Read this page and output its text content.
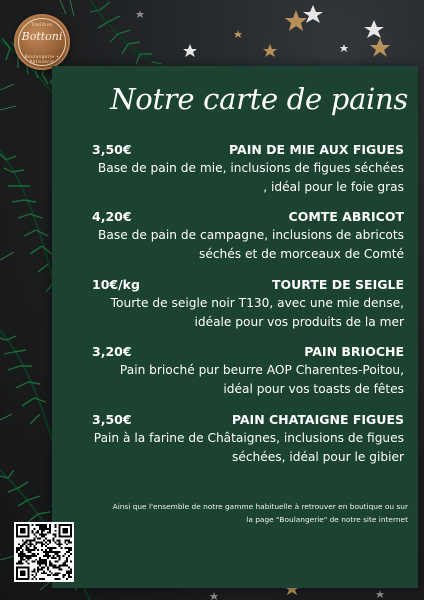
Tradition
Bottoni
Boulangerie • Pâtisserie
Notre carte de pains
3,50€	PAIN DE MIE AUX FIGUES
Base de pain de mie, inclusions de figues séchées , idéal pour le foie gras
4,20€	COMTE ABRICOT
Base de pain de campagne, inclusions de abricots séchés et de morceaux de Comté
10€/kg	TOURTE DE SEIGLE
Tourte de seigle noir T130, avec une mie dense, idéale pour vos produits de la mer
3,20€	PAIN BRIOCHE
Pain brioché pur beurre AOP Charentes-Poitou, idéal pour vos toasts de fêtes
3,50€	PAIN CHATAIGNE FIGUES
Pain à la farine de Châtaignes, inclusions de figues séchées, idéal pour le gibier
Ainsi que l'ensemble de notre gamme habituelle à retrouver en boutique ou sur la page "Boulangerie" de notre site internet
